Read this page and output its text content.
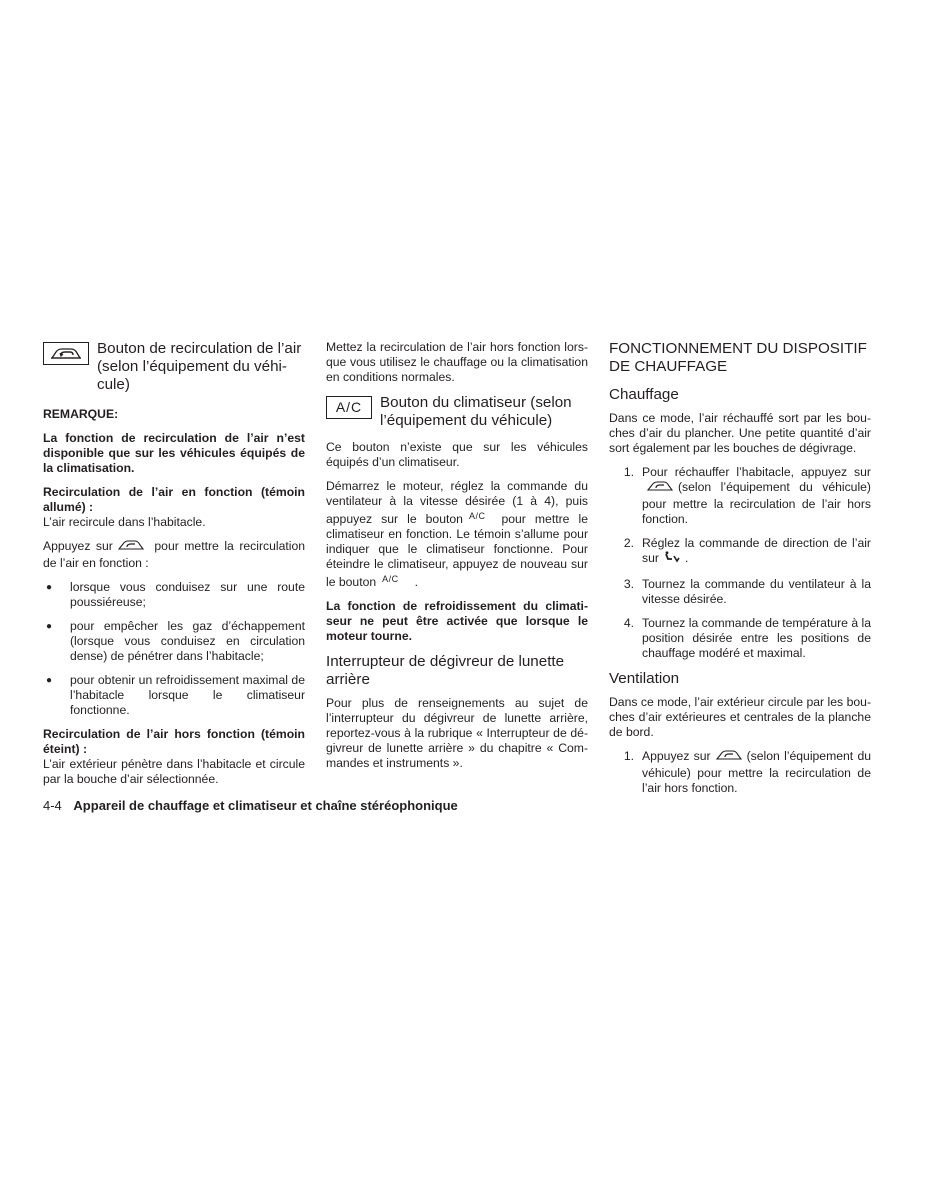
Bouton de recirculation de l’air (selon l’équipement du véhicule)

REMARQUE:

La fonction de recirculation de l’air n’est disponible que sur les véhicules équipés de la climatisation.

Recirculation de l’air en fonction (témoin allumé) :

L’air recircule dans l’habitacle.

Appuyez sur	pour mettre la recirculation de l’air en fonction :

●	lorsque vous conduisez sur une route poussiéreuse;
●	pour empêcher les gaz d’échappement (lorsque vous conduisez en circulation dense) de pénétrer dans l’habitacle;
●	pour obtenir un refroidissement maximal de l’habitacle lorsque le climatiseur fonctionne.

Recirculation de l’air hors fonction (témoin éteint) :

L’air extérieur pénètre dans l’habitacle et circule par la bouche d’air sélectionnée.

Mettez la recirculation de l’air hors fonction lorsque vous utilisez le chauffage ou la climatisation en conditions normales.

A/C	Bouton du climatiseur (selon l’équipement du véhicule)

Ce bouton n’existe que sur les véhicules équipés d’un climatiseur.

Démarrez le moteur, réglez la commande du ventilateur à la vitesse désirée (1 à 4), puis appuyez sur le bouton $^{A/C}$ pour mettre le climatiseur en fonction. Le témoin s’allume pour indiquer que le climatiseur fonctionne. Pour éteindre le climatiseur, appuyez de nouveau sur le bouton $^{A/C}$ .

La fonction de refroidissement du climatiseur ne peut être activée que lorsque le moteur tourne.

Interrupteur de dégivreur de lunette arrière

Pour plus de renseignements au sujet de l’interrupteur du dégivreur de lunette arrière, reportez-vous à la rubrique « Interrupteur de dégivreur de lunette arrière » du chapitre « Commandes et instruments ».

FONCTIONNEMENT DU DISPOSITIF DE CHAUFFAGE
Chauffage

Dans ce mode, l’air réchauffé sort par les bouches d’air du plancher. Une petite quantité d’air sort également par les bouches de dégivrage.

1. Pour réchauffer l’habitacle, appuyez sur(selon l’équipement du véhicule) pour mettre la recirculation de l’air hors fonction.
2. Réglez la commande de direction de l’air sur .
3. Tournez la commande du ventilateur à la vitesse désirée.
4. Tournez la commande de température à la position désirée entre les positions de chauffage modéré et maximal.
Ventilation

Dans ce mode, l’air extérieur circule par les bouches d’air extérieures et centrales de la planche de bord.

1. Appuyez sur	(selon l’équipement du véhicule) pour mettre la recirculation de l’air hors fonction.
4-4 Appareil de chauffage et climatiseur et chaîne stéréophonique
